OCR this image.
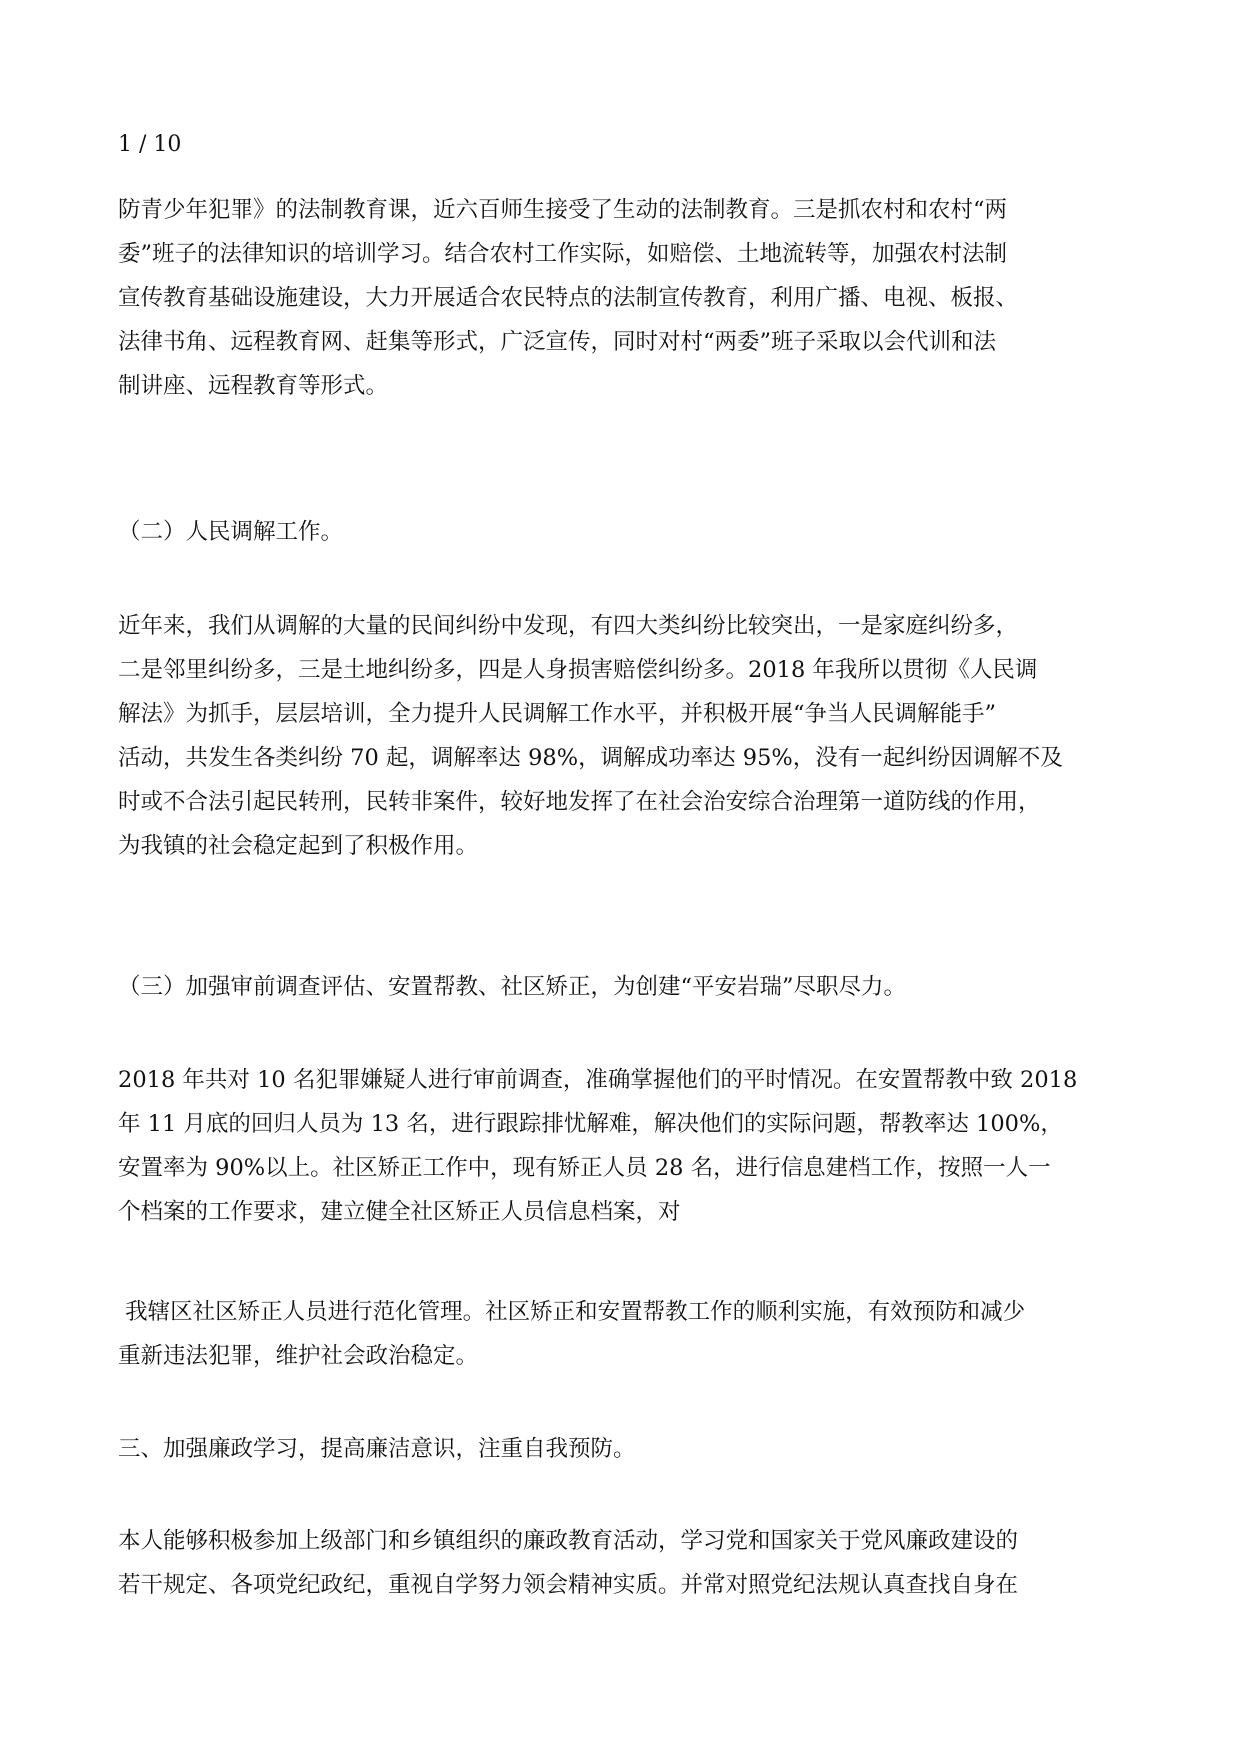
1 / 10
防青少年犯罪》的法制教育课，近六百师生接受了生动的法制教育。三是抓农村和农村“两
委”班子的法律知识的培训学习。结合农村工作实际，如赔偿、土地流转等，加强农村法制
宣传教育基础设施建设，大力开展适合农民特点的法制宣传教育，利用广播、电视、板报、
法律书角、远程教育网、赶集等形式，广泛宣传，同时对村“两委”班子采取以会代训和法
制讲座、远程教育等形式。
（二）人民调解工作。
近年来，我们从调解的大量的民间纠纷中发现，有四大类纠纷比较突出，一是家庭纠纷多，
二是邻里纠纷多，三是土地纠纷多，四是人身损害赔偿纠纷多。2018 年我所以贯彻《人民调
解法》为抓手，层层培训，全力提升人民调解工作水平，并积极开展“争当人民调解能手”
活动，共发生各类纠纷 70 起，调解率达 98%，调解成功率达 95%，没有一起纠纷因调解不及
时或不合法引起民转刑，民转非案件，较好地发挥了在社会治安综合治理第一道防线的作用，
为我镇的社会稳定起到了积极作用。
（三）加强审前调查评估、安置帮教、社区矫正，为创建“平安岩瑞”尽职尽力。
2018 年共对 10 名犯罪嫌疑人进行审前调查，准确掌握他们的平时情况。在安置帮教中致 2018
年 11 月底的回归人员为 13 名，进行跟踪排忧解难，解决他们的实际问题，帮教率达 100%，
安置率为 90%以上。社区矫正工作中，现有矫正人员 28 名，进行信息建档工作，按照一人一
个档案的工作要求，建立健全社区矫正人员信息档案，对
我辖区社区矫正人员进行范化管理。社区矫正和安置帮教工作的顺利实施，有效预防和减少
重新违法犯罪，维护社会政治稳定。
三、加强廉政学习，提高廉洁意识，注重自我预防。
本人能够积极参加上级部门和乡镇组织的廉政教育活动，学习党和国家关于党风廉政建设的
若干规定、各项党纪政纪，重视自学努力领会精神实质。并常对照党纪法规认真查找自身在
